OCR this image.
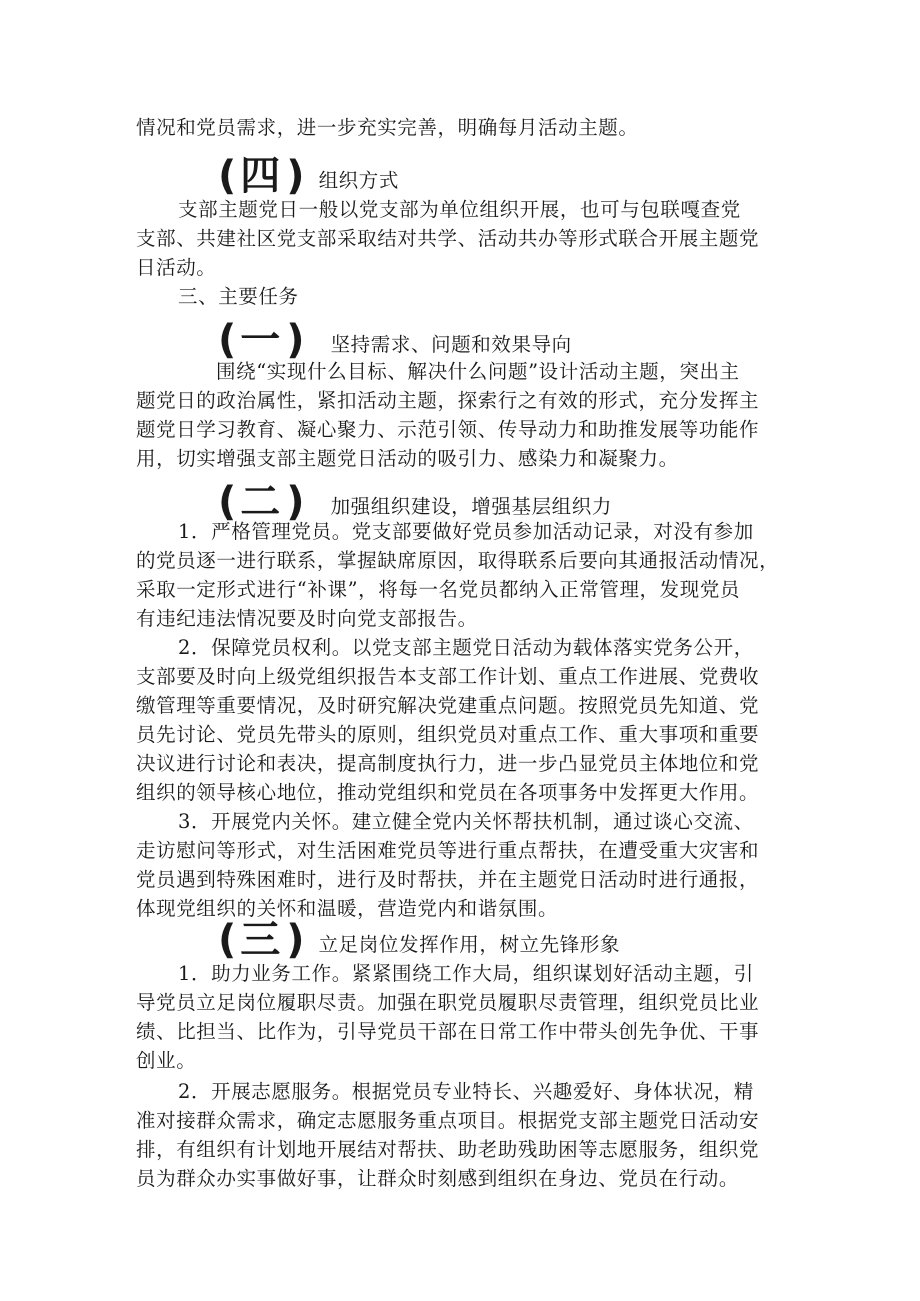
情况和党员需求，进一步充实完善，明确每月活动主题。
( 四 ) 组织方式
支部主题党日一般以党支部为单位组织开展，也可与包联嘎查党
支部、共建社区党支部采取结对共学、活动共办等形式联合开展主题党
日活动。
三、主要任务
( 一 ) 坚持需求、问题和效果导向
围绕“实现什么目标、解决什么问题”设计活动主题，突出主
题党日的政治属性，紧扣活动主题，探索行之有效的形式，充分发挥主
题党日学习教育、凝心聚力、示范引领、传导动力和助推发展等功能作
用，切实增强支部主题党日活动的吸引力、感染力和凝聚力。
( 二 ) 加强组织建设，增强基层组织力
1．严格管理党员。党支部要做好党员参加活动记录，对没有参加
的党员逐一进行联系，掌握缺席原因，取得联系后要向其通报活动情况，
采取一定形式进行“补课”，将每一名党员都纳入正常管理，发现党员
有违纪违法情况要及时向党支部报告。
2．保障党员权利。以党支部主题党日活动为载体落实党务公开，
支部要及时向上级党组织报告本支部工作计划、重点工作进展、党费收
缴管理等重要情况，及时研究解决党建重点问题。按照党员先知道、党
员先讨论、党员先带头的原则，组织党员对重点工作、重大事项和重要
决议进行讨论和表决，提高制度执行力，进一步凸显党员主体地位和党
组织的领导核心地位，推动党组织和党员在各项事务中发挥更大作用。
3．开展党内关怀。建立健全党内关怀帮扶机制，通过谈心交流、
走访慰问等形式，对生活困难党员等进行重点帮扶，在遭受重大灾害和
党员遇到特殊困难时，进行及时帮扶，并在主题党日活动时进行通报，
体现党组织的关怀和温暖，营造党内和谐氛围。
( 三 ) 立足岗位发挥作用，树立先锋形象
1．助力业务工作。紧紧围绕工作大局，组织谋划好活动主题，引
导党员立足岗位履职尽责。加强在职党员履职尽责管理，组织党员比业
绩、比担当、比作为，引导党员干部在日常工作中带头创先争优、干事
创业。
2．开展志愿服务。根据党员专业特长、兴趣爱好、身体状况，精
准对接群众需求，确定志愿服务重点项目。根据党支部主题党日活动安
排，有组织有计划地开展结对帮扶、助老助残助困等志愿服务，组织党
员为群众办实事做好事，让群众时刻感到组织在身边、党员在行动。
